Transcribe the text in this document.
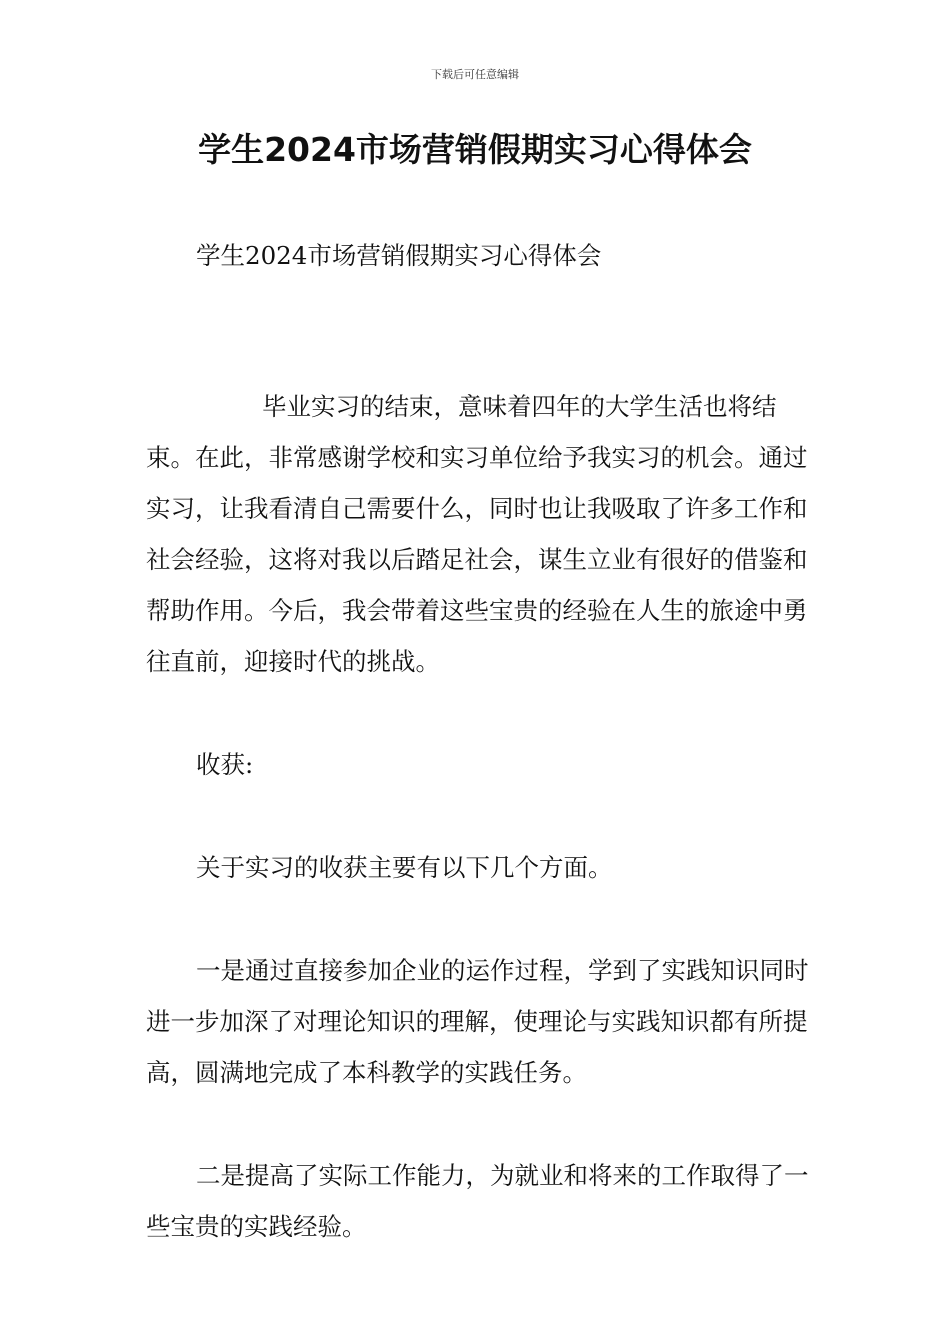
下载后可任意编辑
学生2024市场营销假期实习心得体会

学生2024市场营销假期实习心得体会

毕业实习的结束，意味着四年的大学生活也将结束。在此，非常感谢学校和实习单位给予我实习的机会。通过实习，让我看清自己需要什么，同时也让我吸取了许多工作和社会经验，这将对我以后踏足社会，谋生立业有很好的借鉴和帮助作用。今后，我会带着这些宝贵的经验在人生的旅途中勇往直前，迎接时代的挑战。

收获:

关于实习的收获主要有以下几个方面。

一是通过直接参加企业的运作过程，学到了实践知识同时进一步加深了对理论知识的理解，使理论与实践知识都有所提高，圆满地完成了本科教学的实践任务。

二是提高了实际工作能力，为就业和将来的工作取得了一些宝贵的实践经验。
